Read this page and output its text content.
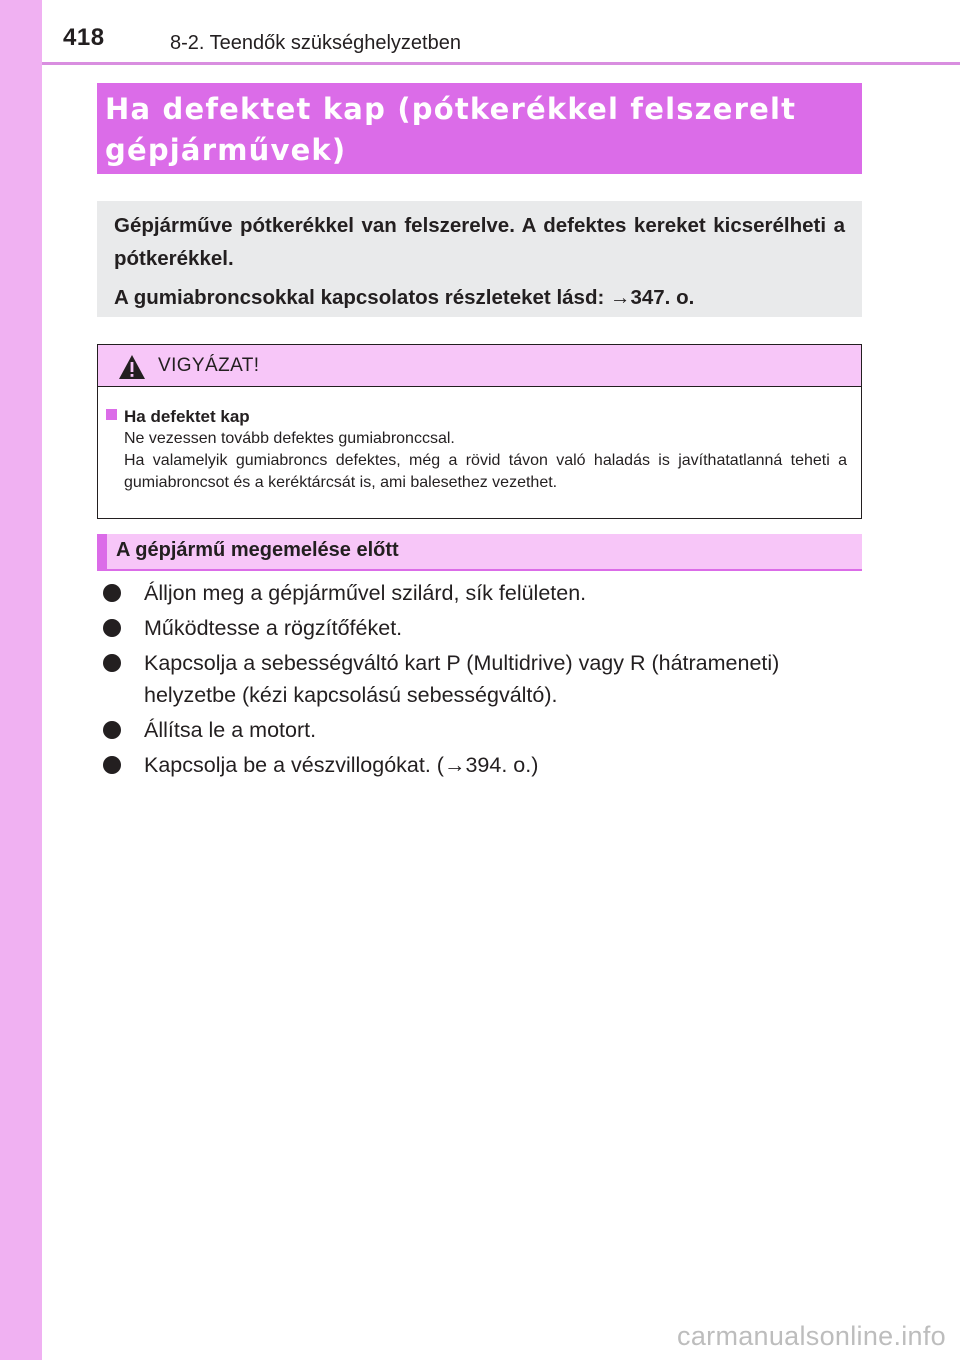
418	8-2. Teendők szükséghelyzetben
Ha defektet kap (pótkerékkel felszerelt gépjárművek)

Gépjárműve pótkerékkel van felszerelve. A defektes kereket kicserélheti a pótkerékkel.

A gumiabroncsokkal kapcsolatos részleteket lásd: →347. o.

VIGYÁZAT!
Ha defektet kap
Ne vezessen tovább defektes gumiabronccsal.
Ha valamelyik gumiabroncs defektes, még a rövid távon való haladás is javíthatatlanná teheti a gumiabroncsot és a keréktárcsát is, ami balesethez vezethet.
A gépjármű megemelése előtt
Álljon meg a gépjárművel szilárd, sík felületen.
Működtesse a rögzítőféket.
Kapcsolja a sebességváltó kart P (Multidrive) vagy R (hátrameneti) helyzetbe (kézi kapcsolású sebességváltó).
Állítsa le a motort.
Kapcsolja be a vészvillogókat. (→394. o.)
carmanualsonline.info
